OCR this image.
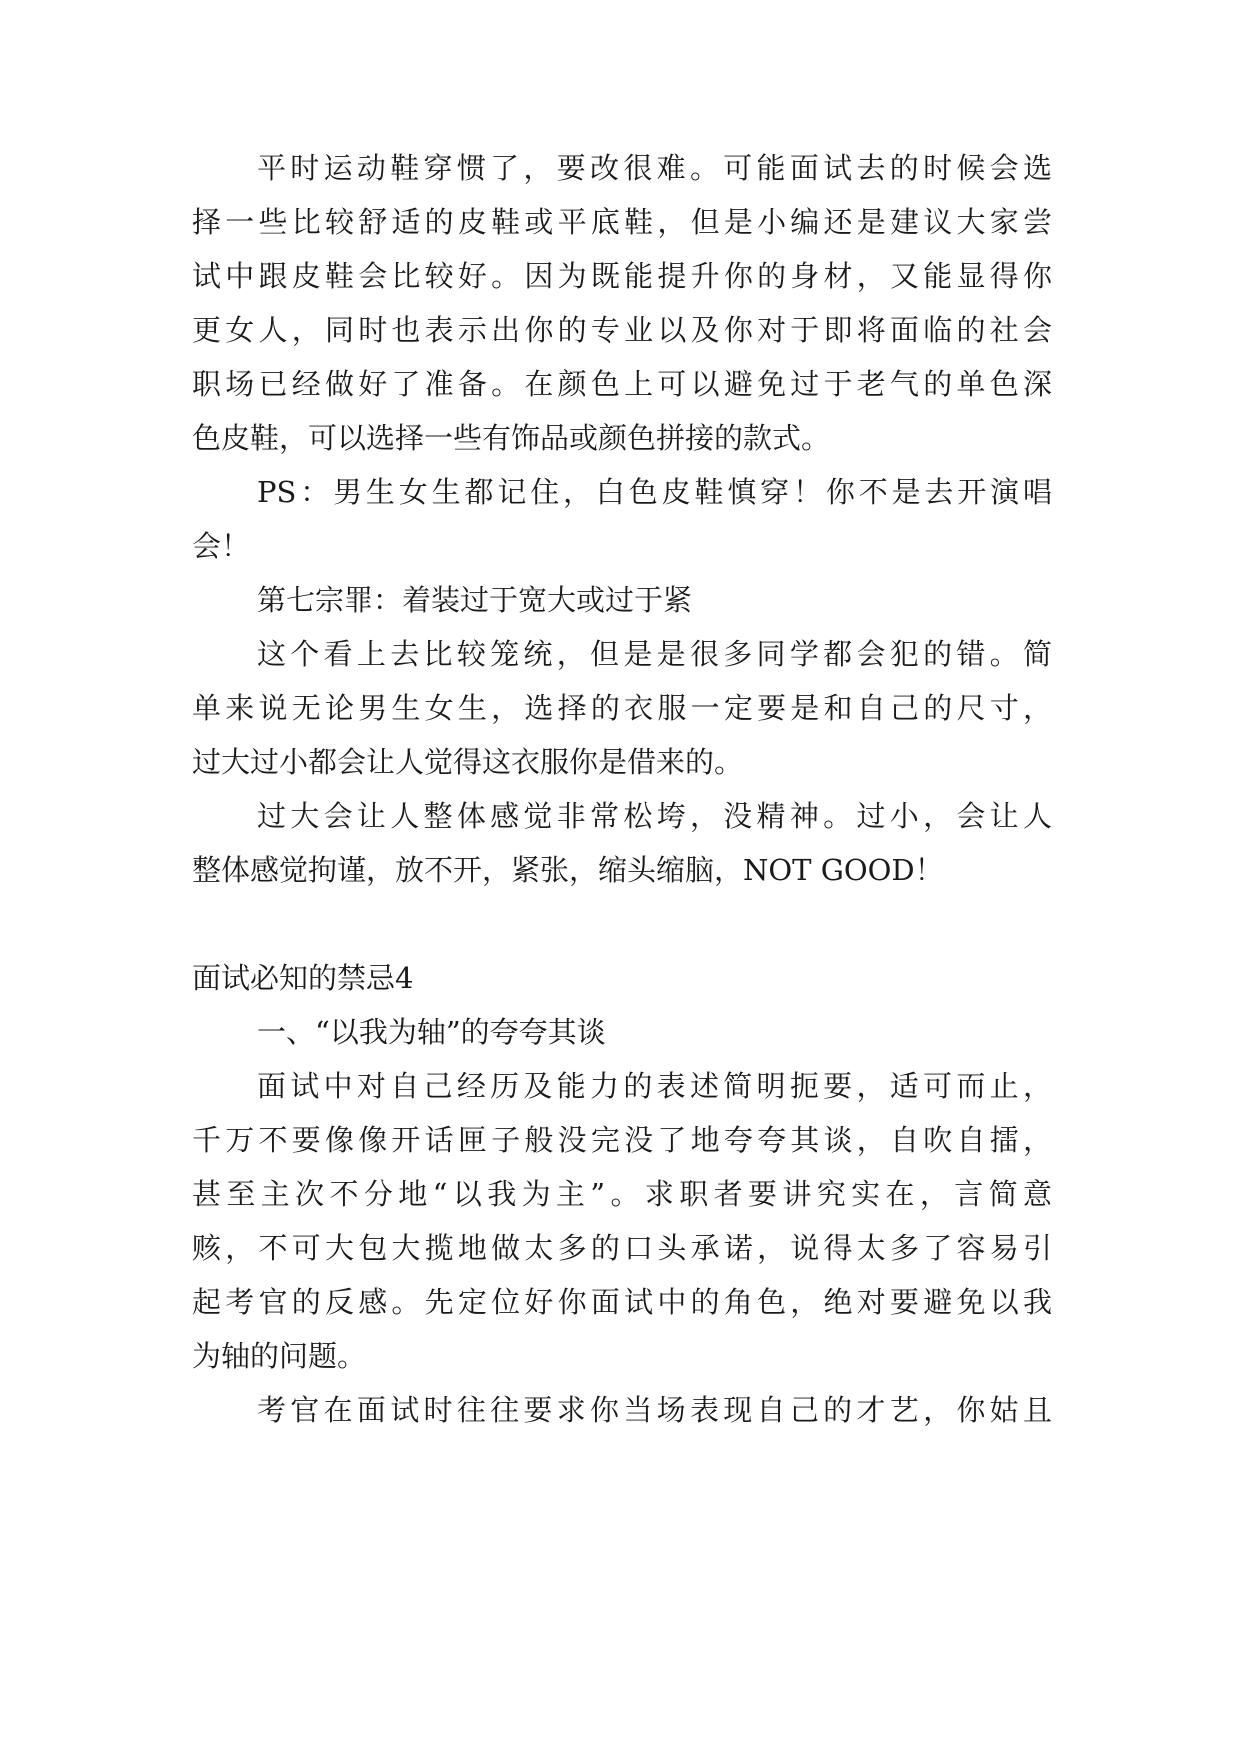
平时运动鞋穿惯了，要改很难。可能面试去的时候会选
择一些比较舒适的皮鞋或平底鞋，但是小编还是建议大家尝
试中跟皮鞋会比较好。因为既能提升你的身材，又能显得你
更女人，同时也表示出你的专业以及你对于即将面临的社会
职场已经做好了准备。在颜色上可以避免过于老气的单色深
色皮鞋，可以选择一些有饰品或颜色拼接的款式。
PS：男生女生都记住，白色皮鞋慎穿！你不是去开演唱
会！
第七宗罪：着装过于宽大或过于紧
这个看上去比较笼统，但是是很多同学都会犯的错。简
单来说无论男生女生，选择的衣服一定要是和自己的尺寸，
过大过小都会让人觉得这衣服你是借来的。
过大会让人整体感觉非常松垮，没精神。过小，会让人
整体感觉拘谨，放不开，紧张，缩头缩脑，NOT GOOD！
面试必知的禁忌4
一、“以我为轴”的夸夸其谈
面试中对自己经历及能力的表述简明扼要，适可而止，
千万不要像像开话匣子般没完没了地夸夸其谈，自吹自擂，
甚至主次不分地“以我为主”。求职者要讲究实在，言简意
赅，不可大包大揽地做太多的口头承诺，说得太多了容易引
起考官的反感。先定位好你面试中的角色，绝对要避免以我
为轴的问题。
考官在面试时往往要求你当场表现自己的才艺，你姑且
